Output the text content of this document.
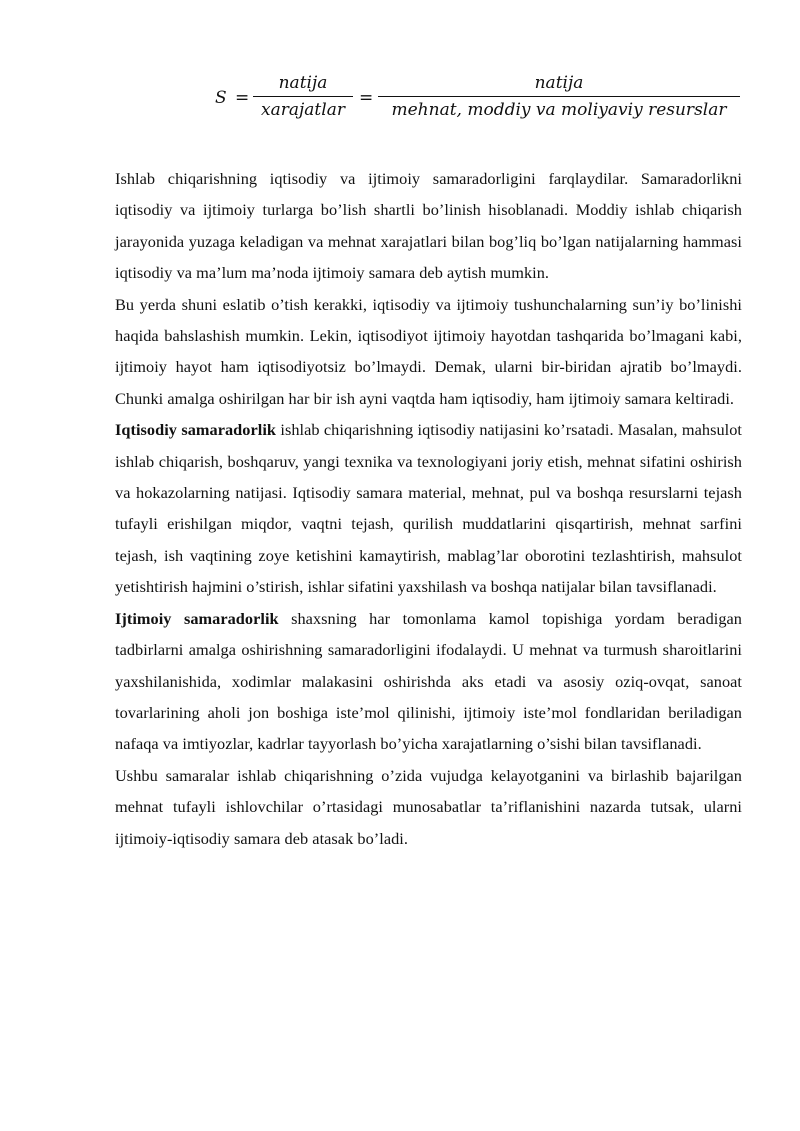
S =
natija
xarajatlar
=
natija
mehnat, moddiy va moliyaviy resurslar

Ishlab chiqarishning iqtisodiy va ijtimoiy samaradorligini farqlaydilar. Samaradorlikni iqtisodiy va ijtimoiy turlarga bo’lish shartli bo’linish hisoblanadi. Moddiy ishlab chiqarish jarayonida yuzaga keladigan va mehnat xarajatlari bilan bog’liq bo’lgan natijalarning hammasi iqtisodiy va ma’lum ma’noda ijtimoiy samara deb aytish mumkin.

Bu yerda shuni eslatib o’tish kerakki, iqtisodiy va ijtimoiy tushunchalarning sun’iy bo’linishi haqida bahslashish mumkin. Lekin, iqtisodiyot ijtimoiy hayotdan tashqarida bo’lmagani kabi, ijtimoiy hayot ham iqtisodiyotsiz bo’lmaydi. Demak, ularni bir-biridan ajratib bo’lmaydi. Chunki amalga oshirilgan har bir ish ayni vaqtda ham iqtisodiy, ham ijtimoiy samara keltiradi.

Iqtisodiy samaradorlik ishlab chiqarishning iqtisodiy natijasini ko’rsatadi. Masalan, mahsulot ishlab chiqarish, boshqaruv, yangi texnika va texnologiyani joriy etish, mehnat sifatini oshirish va hokazolarning natijasi. Iqtisodiy samara material, mehnat, pul va boshqa resurslarni tejash tufayli erishilgan miqdor, vaqtni tejash, qurilish muddatlarini qisqartirish, mehnat sarfini tejash, ish vaqtining zoye ketishini kamaytirish, mablag’lar oborotini tezlashtirish, mahsulot yetishtirish hajmini o’stirish, ishlar sifatini yaxshilash va boshqa natijalar bilan tavsiflanadi.

Ijtimoiy samaradorlik shaxsning har tomonlama kamol topishiga yordam beradigan tadbirlarni amalga oshirishning samaradorligini ifodalaydi. U mehnat va turmush sharoitlarini yaxshilanishida, xodimlar malakasini oshirishda aks etadi va asosiy oziq-ovqat, sanoat tovarlarining aholi jon boshiga iste’mol qilinishi, ijtimoiy iste’mol fondlaridan beriladigan nafaqa va imtiyozlar, kadrlar tayyorlash bo’yicha xarajatlarning o’sishi bilan tavsiflanadi.

Ushbu samaralar ishlab chiqarishning o’zida vujudga kelayotganini va birlashib bajarilgan mehnat tufayli ishlovchilar o’rtasidagi munosabatlar ta’riflanishini nazarda tutsak, ularni ijtimoiy-iqtisodiy samara deb atasak bo’ladi.
